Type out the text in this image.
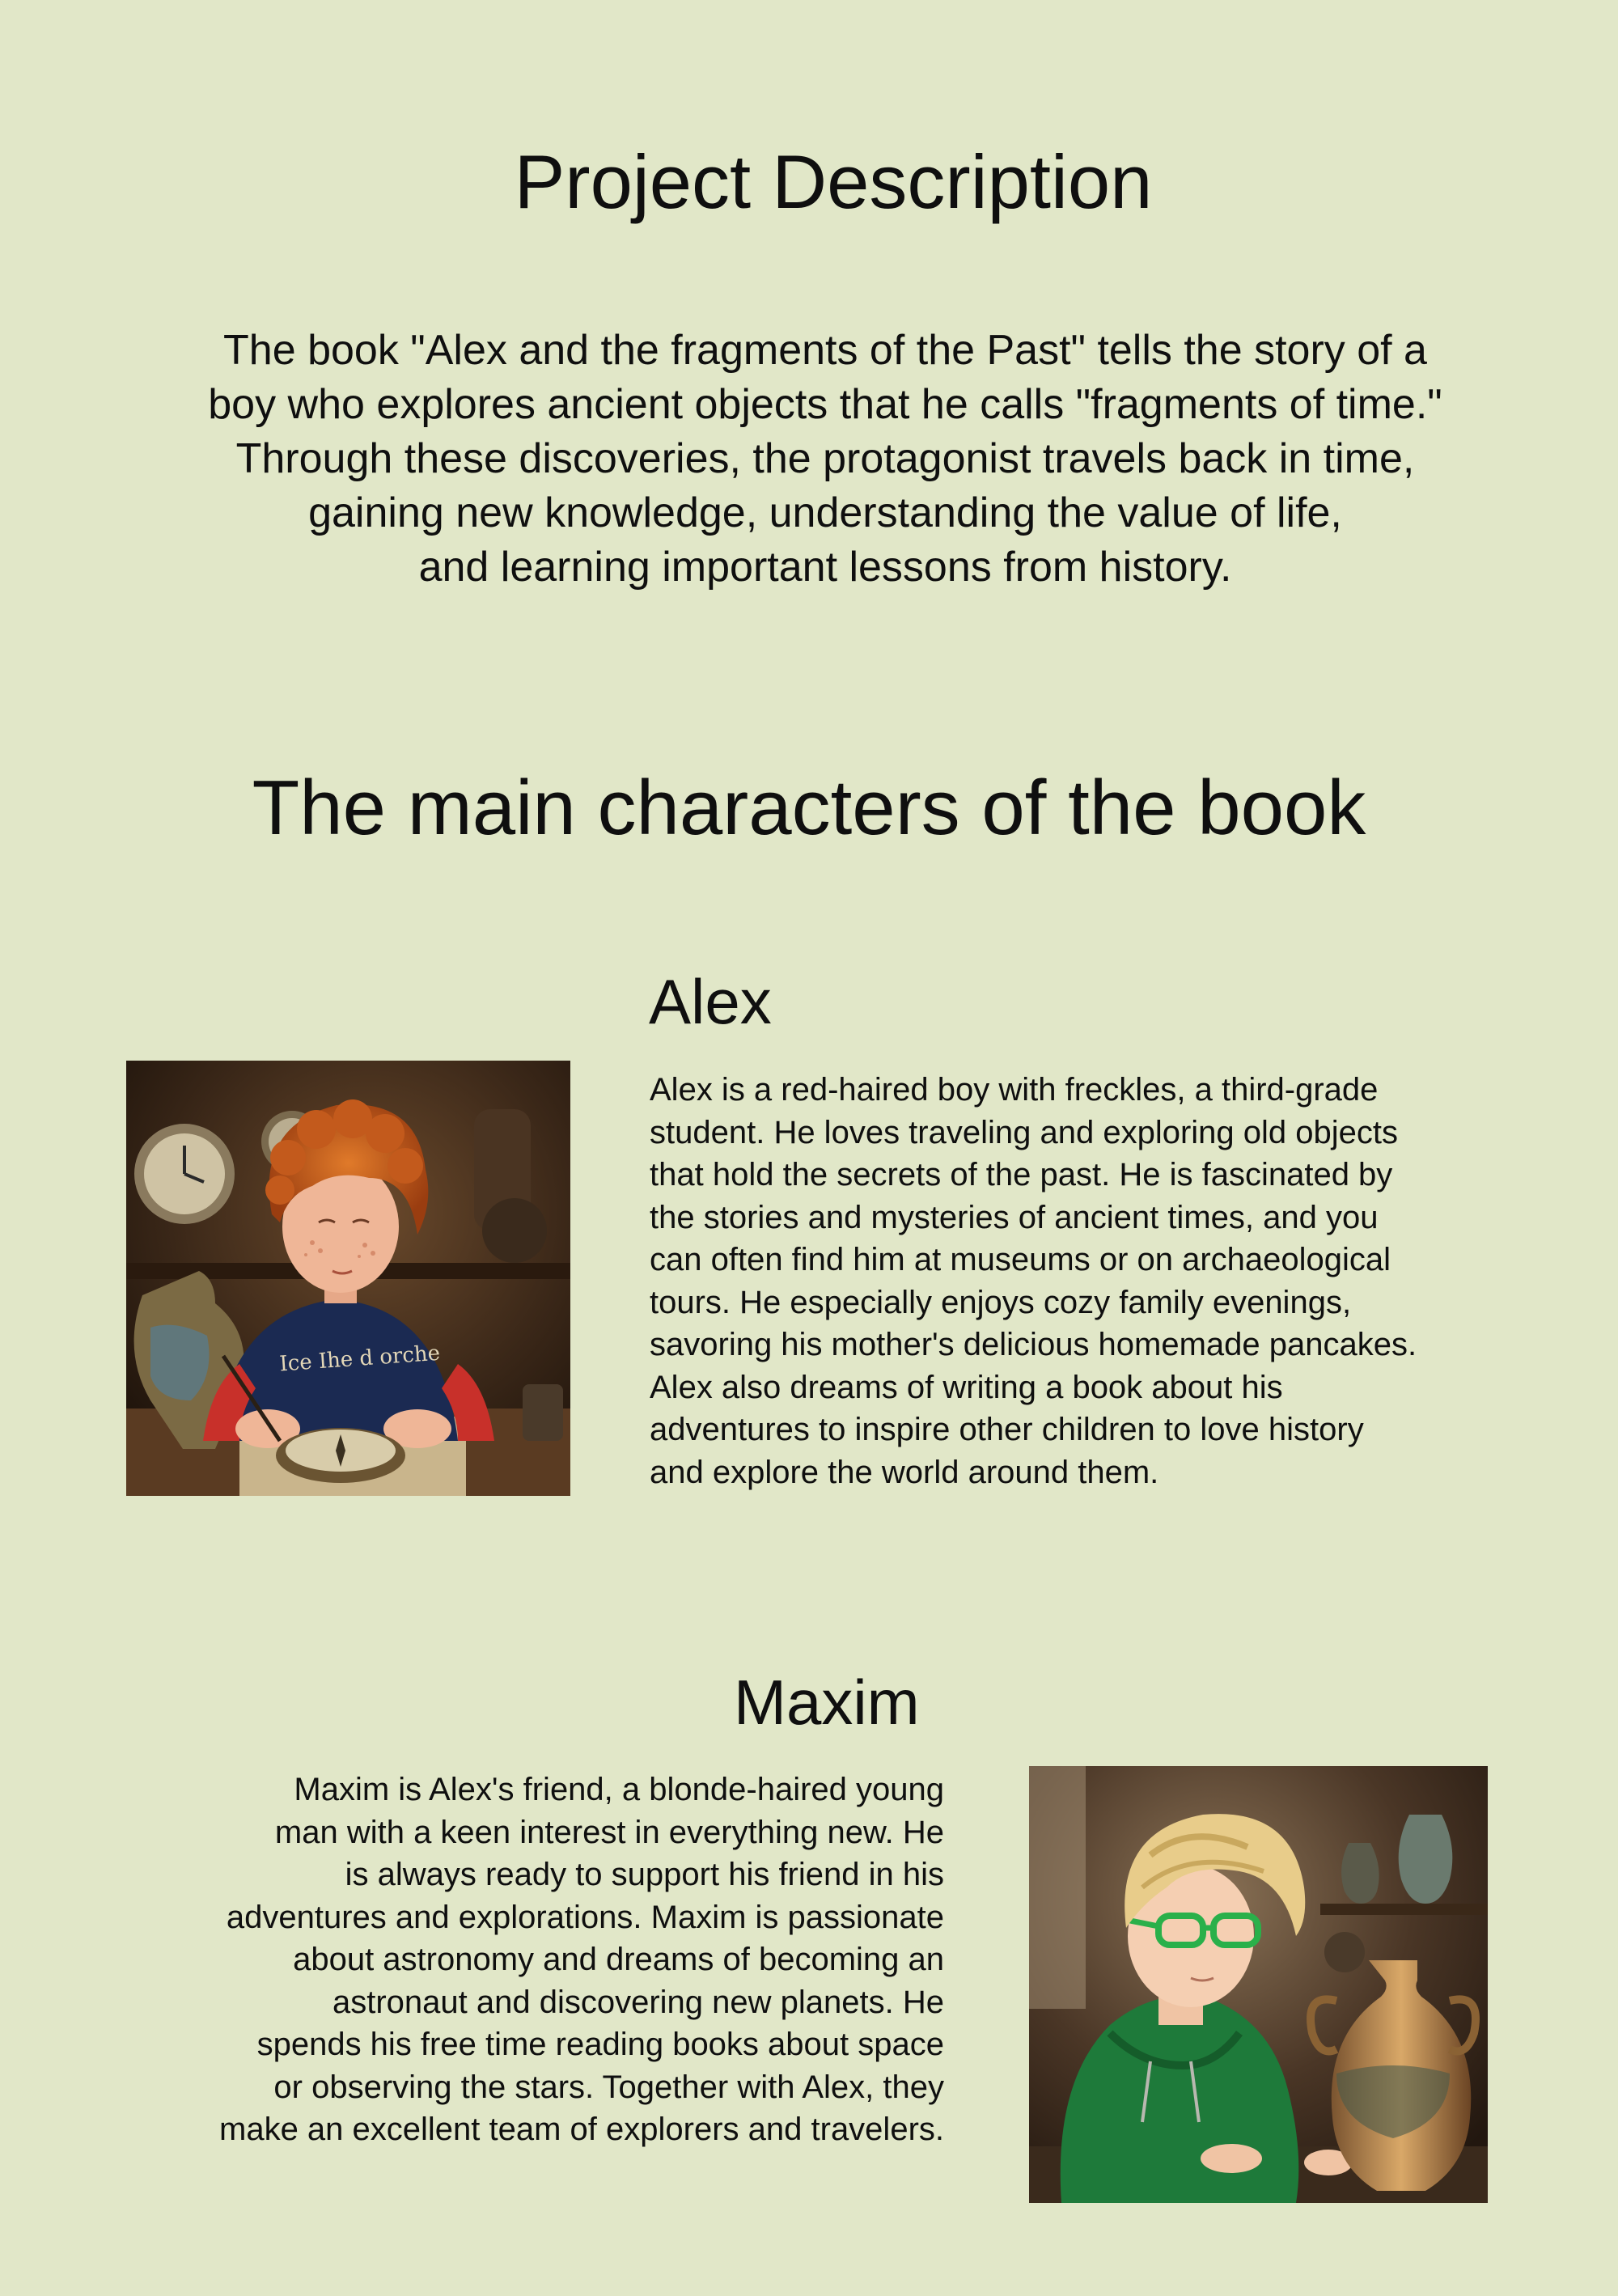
Project Description
The book "Alex and the fragments of the Past" tells the story of a
boy who explores ancient objects that he calls "fragments of time."
Through these discoveries, the protagonist travels back in time,
gaining new knowledge, understanding the value of life,
and learning important lessons from history.
The main characters of the book
Alex
Ice Ihe d orche
Alex is a red-haired boy with freckles, a third-grade
student. He loves traveling and exploring old objects
that hold the secrets of the past. He is fascinated by
the stories and mysteries of ancient times, and you
can often find him at museums or on archaeological
tours. He especially enjoys cozy family evenings,
savoring his mother's delicious homemade pancakes.
Alex also dreams of writing a book about his
adventures to inspire other children to love history
and explore the world around them.
Maxim
Maxim is Alex's friend, a blonde-haired young
man with a keen interest in everything new. He
is always ready to support his friend in his
adventures and explorations. Maxim is passionate
about astronomy and dreams of becoming an
astronaut and discovering new planets. He
spends his free time reading books about space
or observing the stars. Together with Alex, they
make an excellent team of explorers and travelers.
